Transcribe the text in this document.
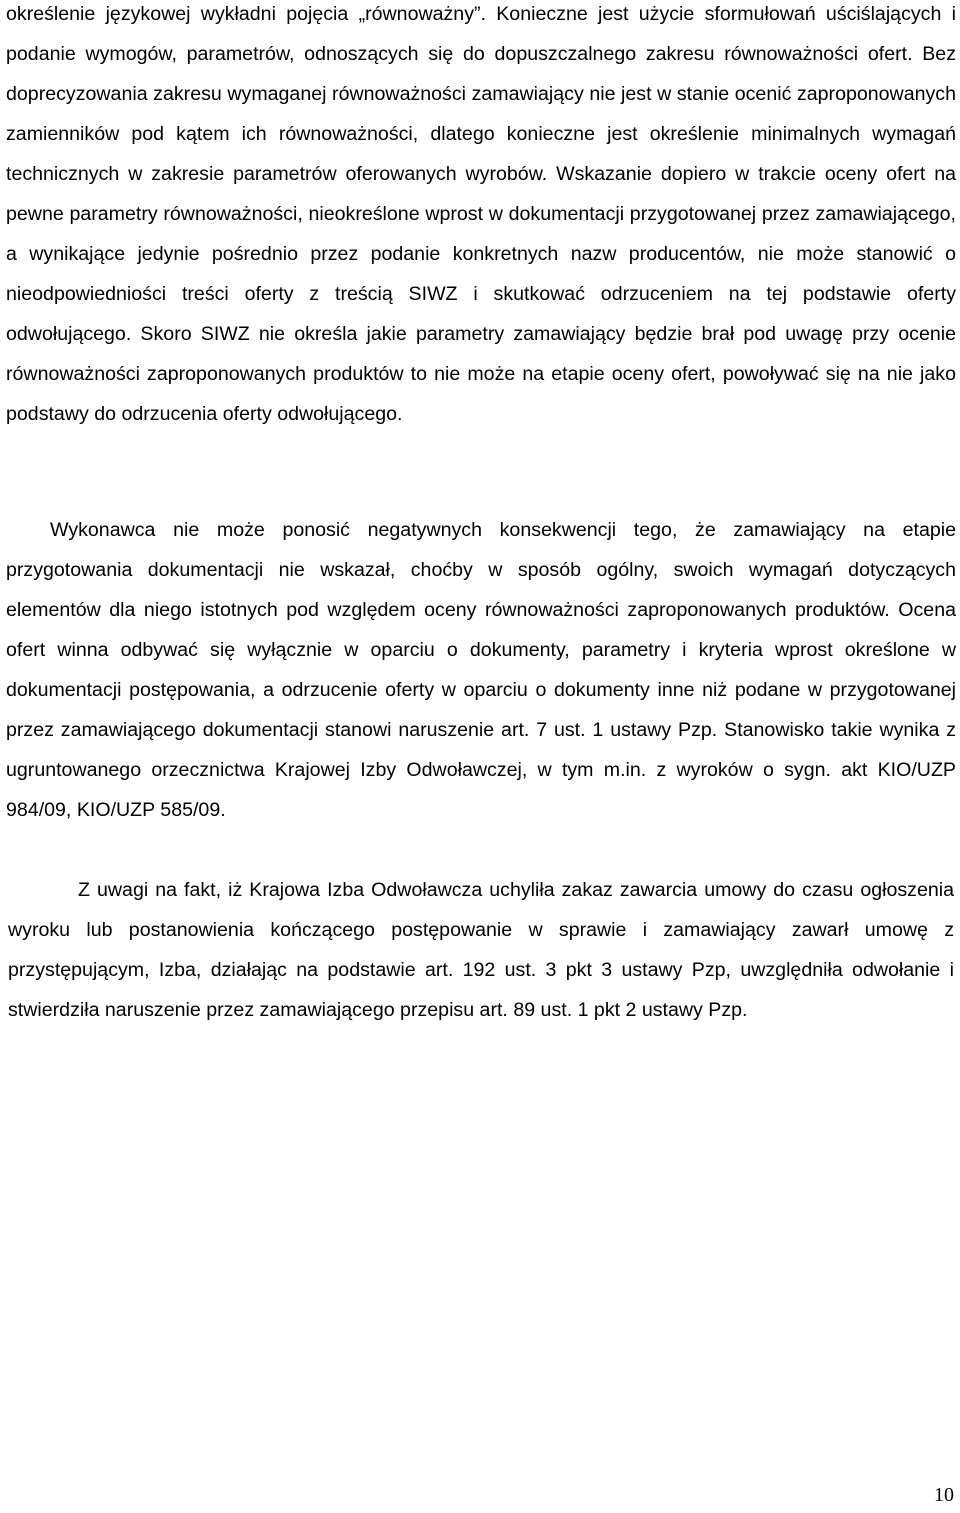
określenie językowej wykładni pojęcia „równoważny”. Konieczne jest użycie sformułowań uściślających i podanie wymogów, parametrów, odnoszących się do dopuszczalnego zakresu równoważności ofert. Bez doprecyzowania zakresu wymaganej równoważności zamawiający nie jest w stanie ocenić zaproponowanych zamienników pod kątem ich równoważności, dlatego konieczne jest określenie minimalnych wymagań technicznych w zakresie parametrów oferowanych wyrobów. Wskazanie dopiero w trakcie oceny ofert na pewne parametry równoważności, nieokreślone wprost w dokumentacji przygotowanej przez zamawiającego, a wynikające jedynie pośrednio przez podanie konkretnych nazw producentów, nie może stanowić o nieodpowiedniości treści oferty z treścią SIWZ i skutkować odrzuceniem na tej podstawie oferty odwołującego. Skoro SIWZ nie określa jakie parametry zamawiający będzie brał pod uwagę przy ocenie równoważności zaproponowanych produktów to nie może na etapie oceny ofert, powoływać się na nie jako podstawy do odrzucenia oferty odwołującego.

Wykonawca nie może ponosić negatywnych konsekwencji tego, że zamawiający na etapie przygotowania dokumentacji nie wskazał, choćby w sposób ogólny, swoich wymagań dotyczących elementów dla niego istotnych pod względem oceny równoważności zaproponowanych produktów. Ocena ofert winna odbywać się wyłącznie w oparciu o dokumenty, parametry i kryteria wprost określone w dokumentacji postępowania, a odrzucenie oferty w oparciu o dokumenty inne niż podane w przygotowanej przez zamawiającego dokumentacji stanowi naruszenie art. 7 ust. 1 ustawy Pzp. Stanowisko takie wynika z ugruntowanego orzecznictwa Krajowej Izby Odwoławczej, w tym m.in. z wyroków o sygn. akt KIO/UZP 984/09, KIO/UZP 585/09.

Z uwagi na fakt, iż Krajowa Izba Odwoławcza uchyliła zakaz zawarcia umowy do czasu ogłoszenia wyroku lub postanowienia kończącego postępowanie w sprawie i zamawiający zawarł umowę z przystępującym, Izba, działając na podstawie art. 192 ust. 3 pkt 3 ustawy Pzp, uwzględniła odwołanie i stwierdziła naruszenie przez zamawiającego przepisu art. 89 ust. 1 pkt 2 ustawy Pzp.

10
